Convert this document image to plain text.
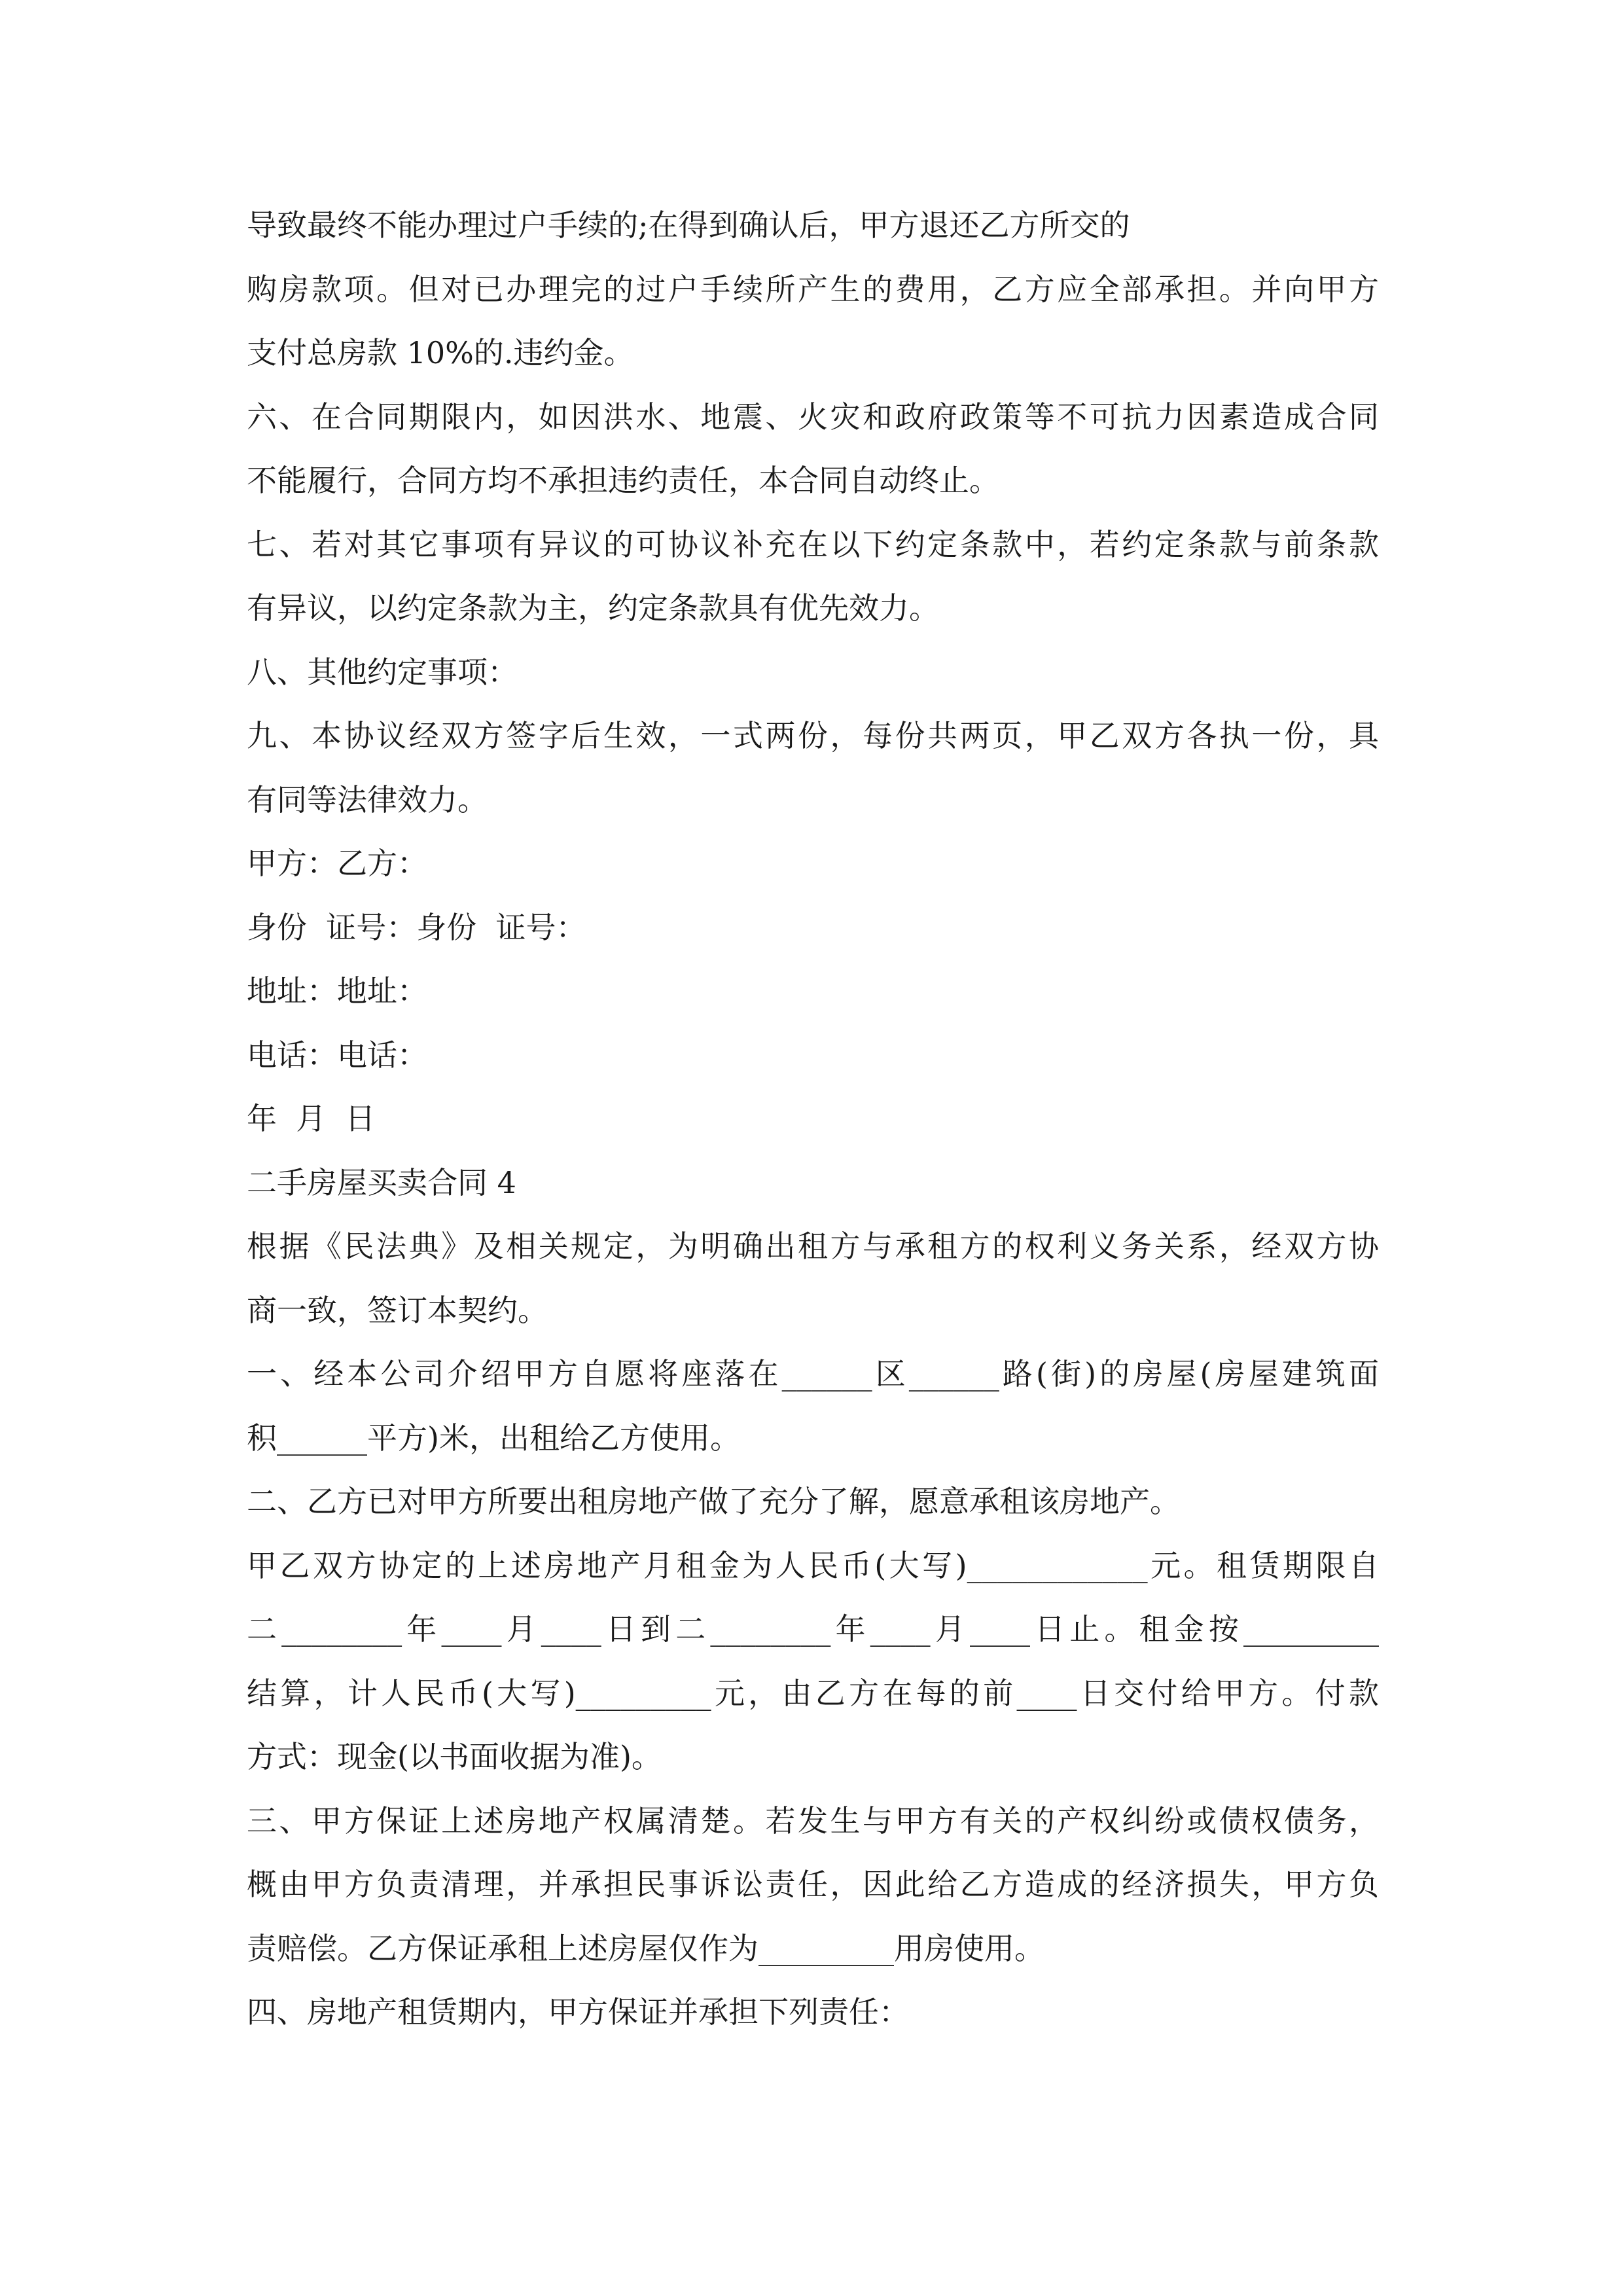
导致最终不能办理过户手续的;在得到确认后，甲方退还乙方所交的
购房款项。但对已办理完的过户手续所产生的费用，乙方应全部承担。并向甲方
支付总房款 10%的.违约金。
六、在合同期限内，如因洪水、地震、火灾和政府政策等不可抗力因素造成合同
不能履行，合同方均不承担违约责任，本合同自动终止。
七、若对其它事项有异议的可协议补充在以下约定条款中，若约定条款与前条款
有异议，以约定条款为主，约定条款具有优先效力。
八、其他约定事项：
九、本协议经双方签字后生效，一式两份，每份共两页，甲乙双方各执一份，具
有同等法律效力。
甲方：乙方：
身份  证号：身份  证号：
地址：地址：
电话：电话：
年  月  日
二手房屋买卖合同 4
根据《民法典》及相关规定，为明确出租方与承租方的权利义务关系，经双方协
商一致，签订本契约。
一、经本公司介绍甲方自愿将座落在______区______路(街)的房屋(房屋建筑面
积______平方)米，出租给乙方使用。
二、乙方已对甲方所要出租房地产做了充分了解，愿意承租该房地产。
甲乙双方协定的上述房地产月租金为人民币(大写)____________元。租赁期限自
二________年____月____日到二________年____月____日止。租金按_________
结算，计人民币(大写)_________元，由乙方在每的前____日交付给甲方。付款
方式：现金(以书面收据为准)。
三、甲方保证上述房地产权属清楚。若发生与甲方有关的产权纠纷或债权债务，
概由甲方负责清理，并承担民事诉讼责任，因此给乙方造成的经济损失，甲方负
责赔偿。乙方保证承租上述房屋仅作为_________用房使用。
四、房地产租赁期内，甲方保证并承担下列责任：
